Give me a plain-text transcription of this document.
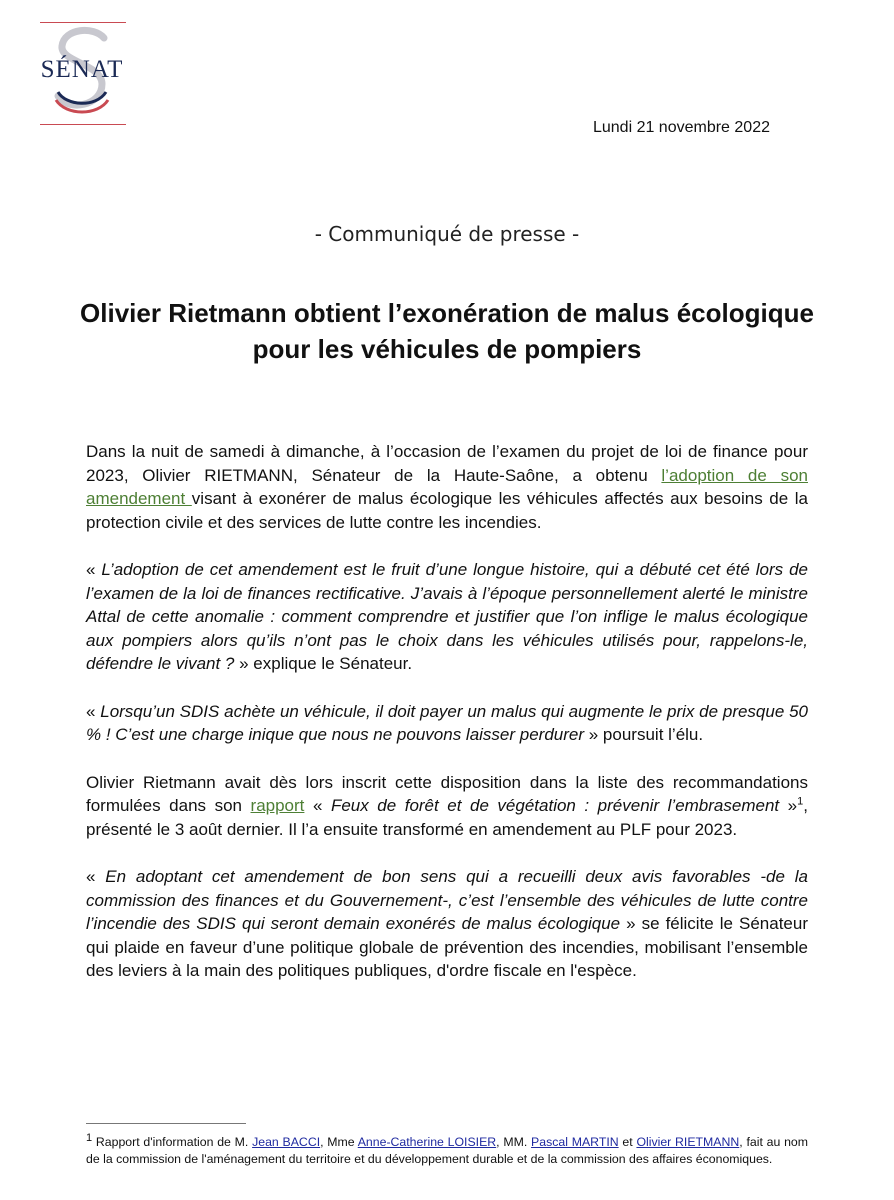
SÉNAT
Lundi 21 novembre 2022
- Communiqué de presse -
Olivier Rietmann obtient l’exonération de malus écologique pour les véhicules de pompiers

Dans la nuit de samedi à dimanche, à l’occasion de l’examen du projet de loi de finance pour 2023, Olivier RIETMANN, Sénateur de la Haute-Saône, a obtenu l’adoption de son amendement visant à exonérer de malus écologique les véhicules affectés aux besoins de la protection civile et des services de lutte contre les incendies.

« L’adoption de cet amendement est le fruit d’une longue histoire, qui a débuté cet été lors de l’examen de la loi de finances rectificative. J’avais à l’époque personnellement alerté le ministre Attal de cette anomalie : comment comprendre et justifier que l’on inflige le malus écologique aux pompiers alors qu’ils n’ont pas le choix dans les véhicules utilisés pour, rappelons-le, défendre le vivant ? » explique le Sénateur.

« Lorsqu’un SDIS achète un véhicule, il doit payer un malus qui augmente le prix de presque 50 % ! C’est une charge inique que nous ne pouvons laisser perdurer » poursuit l’élu.

Olivier Rietmann avait dès lors inscrit cette disposition dans la liste des recommandations formulées dans son rapport « Feux de forêt et de végétation : prévenir l’embrasement »$^1$, présenté le 3 août dernier. Il l’a ensuite transformé en amendement au PLF pour 2023.

« En adoptant cet amendement de bon sens qui a recueilli deux avis favorables -de la commission des finances et du Gouvernement-, c’est l’ensemble des véhicules de lutte contre l’incendie des SDIS qui seront demain exonérés de malus écologique » se félicite le Sénateur qui plaide en faveur d’une politique globale de prévention des incendies, mobilisant l’ensemble des leviers à la main des politiques publiques, d'ordre fiscale en l'espèce.

$^1$ Rapport d'information de M. Jean BACCI, Mme Anne-Catherine LOISIER, MM. Pascal MARTIN et Olivier RIETMANN, fait au nom de la commission de l'aménagement du territoire et du développement durable et de la commission des affaires économiques.
